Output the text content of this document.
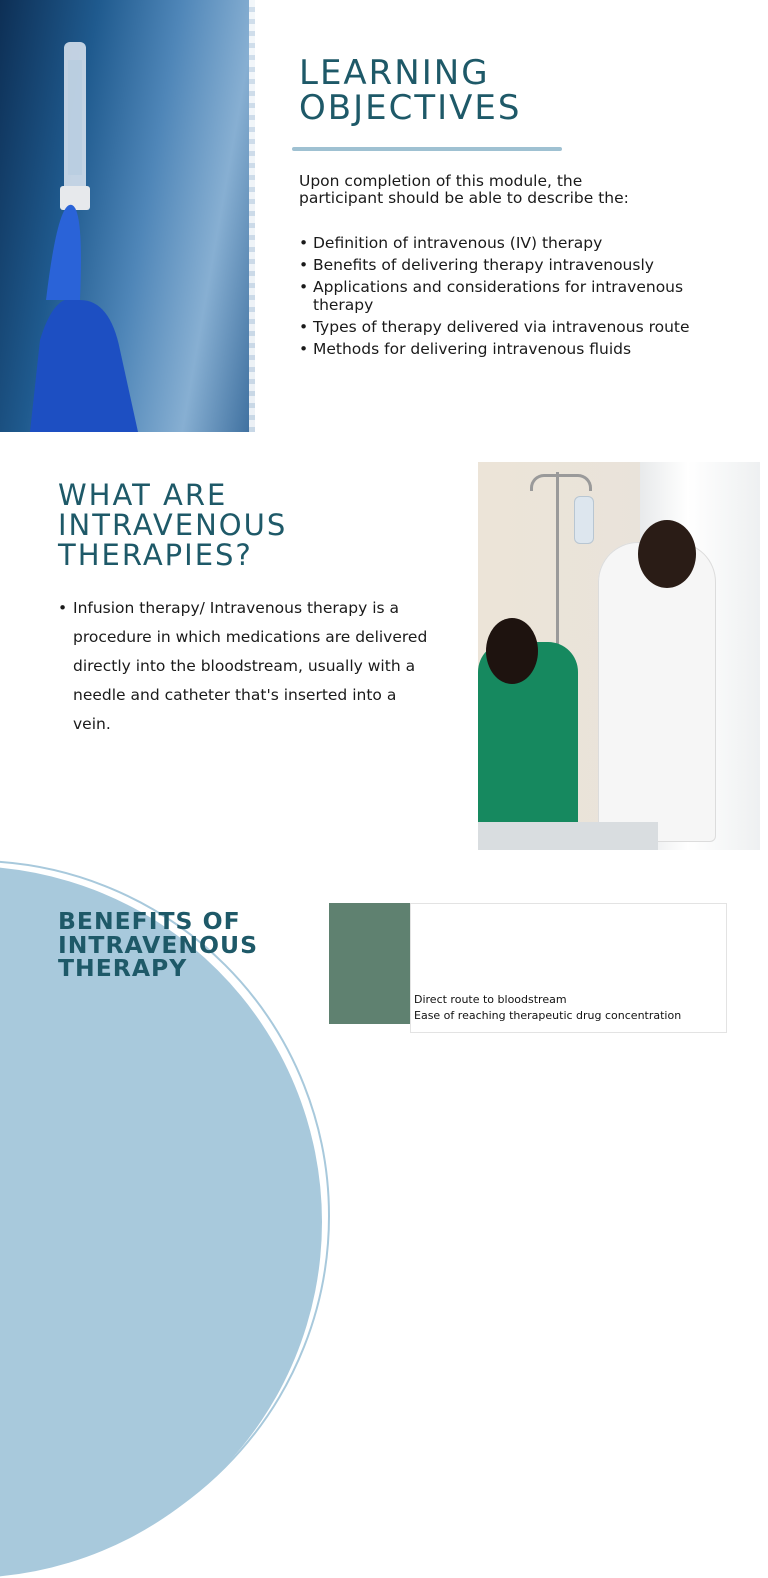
LEARNING
OBJECTIVES

Upon completion of this module, the
participant should be able to describe the:

• Definition of intravenous (IV) therapy
• Benefits of delivering therapy intravenously
• Applications and considerations for intravenous therapy
• Types of therapy delivered via intravenous route
• Methods for delivering intravenous fluids
WHAT ARE
INTRAVENOUS
THERAPIES?
• Infusion therapy/ Intravenous therapy is a procedure in which medications are delivered directly into the bloodstream, usually with a needle and catheter that's inserted into a vein.
BENEFITS OF
INTRAVENOUS
THERAPY
Direct route to bloodstream
Ease of reaching therapeutic drug concentration
